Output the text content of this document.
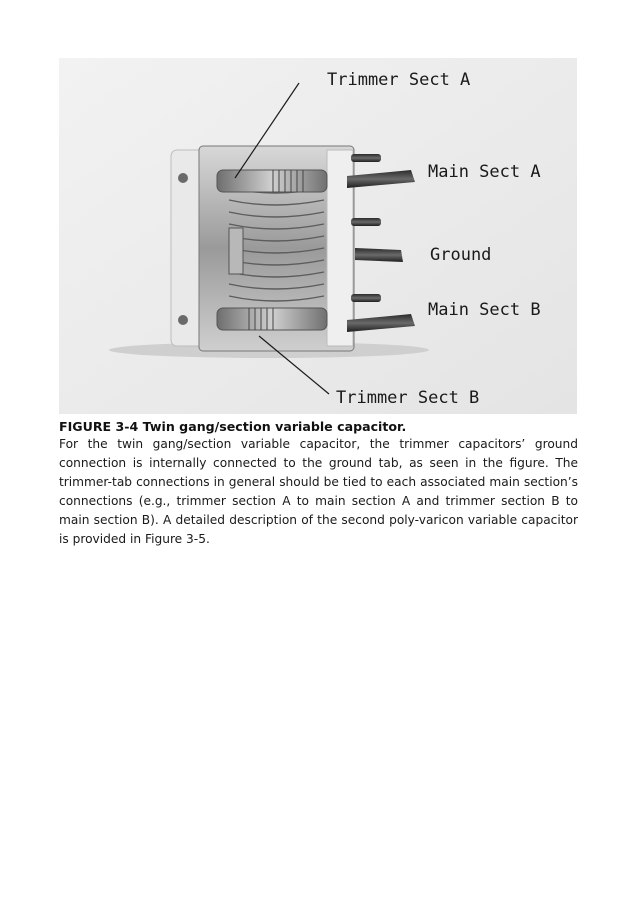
Trimmer Sect A
Main Sect A
Ground
Main Sect B
Trimmer Sect B
FIGURE 3-4 Twin gang/section variable capacitor.

For the twin gang/section variable capacitor, the trimmer capacitors’ ground connection is internally connected to the ground tab, as seen in the figure. The trimmer-tab connections in general should be tied to each associated main section’s connections (e.g., trimmer section A to main section A and trimmer section B to main section B). A detailed description of the second poly-varicon variable capacitor is provided in Figure 3-5.
